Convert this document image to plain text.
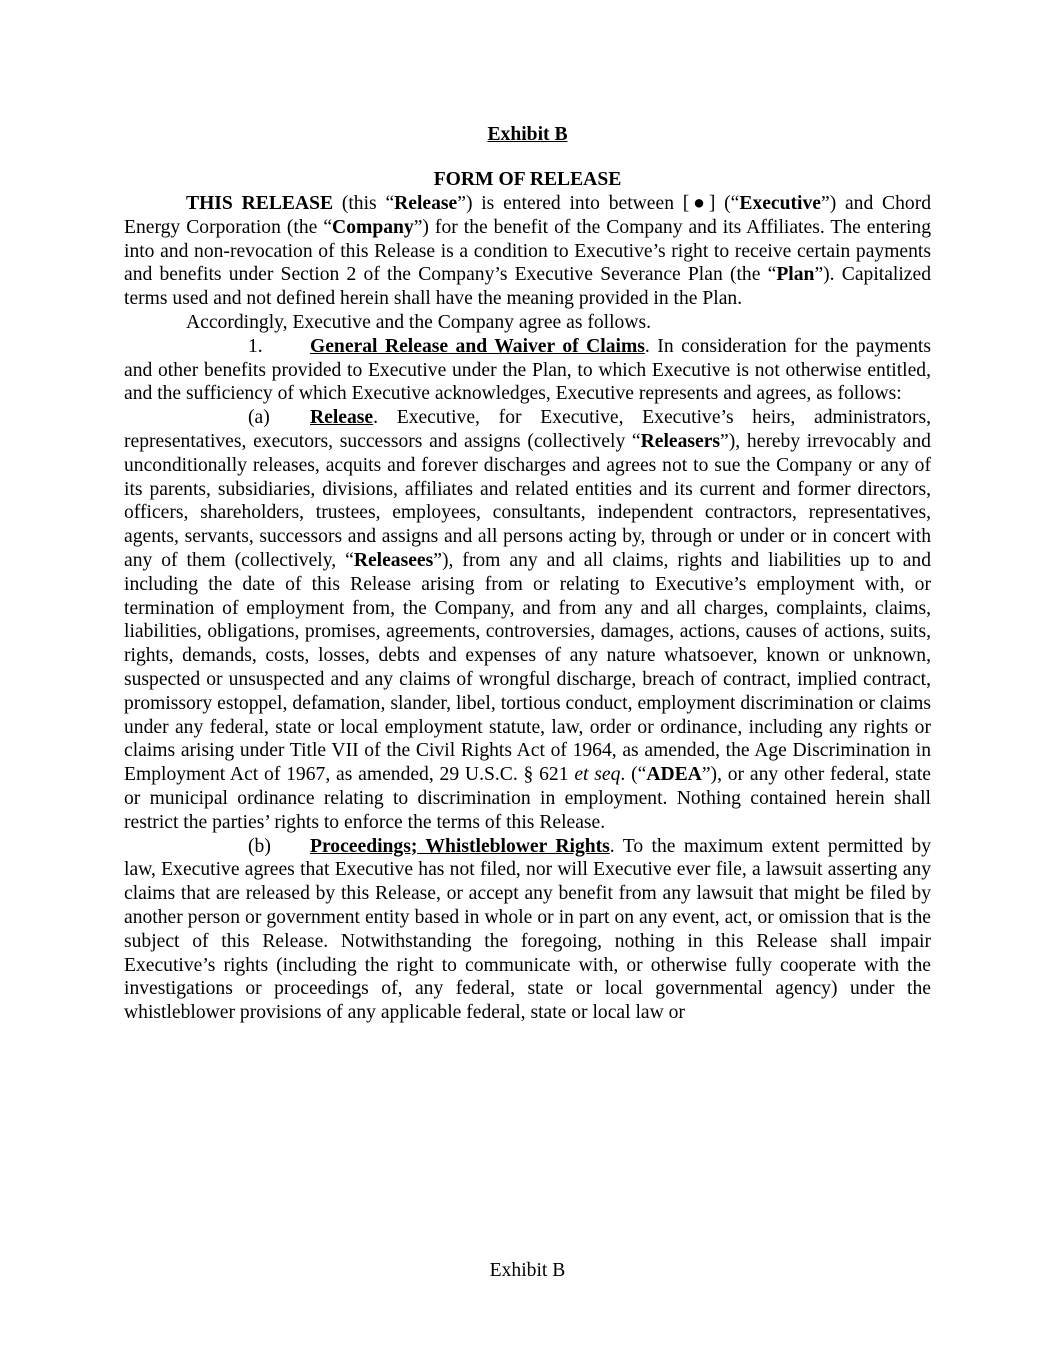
Exhibit B
FORM OF RELEASE

THIS RELEASE (this “Release”) is entered into between [●] (“Executive”) and Chord Energy Corporation (the “Company”) for the benefit of the Company and its Affiliates. The entering into and non-revocation of this Release is a condition to Executive’s right to receive certain payments and benefits under Section 2 of the Company’s Executive Severance Plan (the “Plan”). Capitalized terms used and not defined herein shall have the meaning provided in the Plan.

Accordingly, Executive and the Company agree as follows.

1. General Release and Waiver of Claims. In consideration for the payments and other benefits provided to Executive under the Plan, to which Executive is not otherwise entitled, and the sufficiency of which Executive acknowledges, Executive represents and agrees, as follows:

(a) Release. Executive, for Executive, Executive’s heirs, administrators, representatives, executors, successors and assigns (collectively “Releasers”), hereby irrevocably and unconditionally releases, acquits and forever discharges and agrees not to sue the Company or any of its parents, subsidiaries, divisions, affiliates and related entities and its current and former directors, officers, shareholders, trustees, employees, consultants, independent contractors, representatives, agents, servants, successors and assigns and all persons acting by, through or under or in concert with any of them (collectively, “Releasees”), from any and all claims, rights and liabilities up to and including the date of this Release arising from or relating to Executive’s employment with, or termination of employment from, the Company, and from any and all charges, complaints, claims, liabilities, obligations, promises, agreements, controversies, damages, actions, causes of actions, suits, rights, demands, costs, losses, debts and expenses of any nature whatsoever, known or unknown, suspected or unsuspected and any claims of wrongful discharge, breach of contract, implied contract, promissory estoppel, defamation, slander, libel, tortious conduct, employment discrimination or claims under any federal, state or local employment statute, law, order or ordinance, including any rights or claims arising under Title VII of the Civil Rights Act of 1964, as amended, the Age Discrimination in Employment Act of 1967, as amended, 29 U.S.C. § 621 et seq. (“ADEA”), or any other federal, state or municipal ordinance relating to discrimination in employment. Nothing contained herein shall restrict the parties’ rights to enforce the terms of this Release.

(b) Proceedings; Whistleblower Rights. To the maximum extent permitted by law, Executive agrees that Executive has not filed, nor will Executive ever file, a lawsuit asserting any claims that are released by this Release, or accept any benefit from any lawsuit that might be filed by another person or government entity based in whole or in part on any event, act, or omission that is the subject of this Release. Notwithstanding the foregoing, nothing in this Release shall impair Executive’s rights (including the right to communicate with, or otherwise fully cooperate with the investigations or proceedings of, any federal, state or local governmental agency) under the whistleblower provisions of any applicable federal, state or local law or

Exhibit B
